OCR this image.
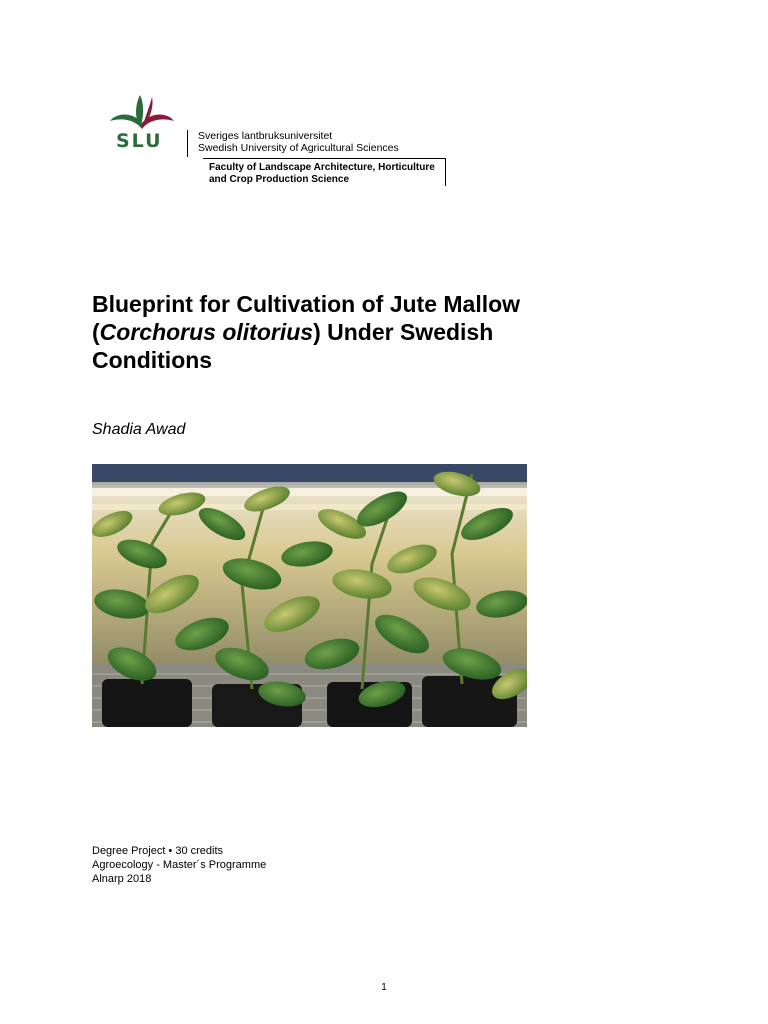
SLU	Sveriges lantbruksuniversitet
Swedish University of Agricultural Sciences
Faculty of Landscape Architecture, Horticulture
and Crop Production Science
Blueprint for Cultivation of Jute Mallow
(Corchorus olitorius) Under Swedish
Conditions
Shadia Awad
Degree Project • 30 credits
Agroecology - Master´s Programme
Alnarp 2018
1
